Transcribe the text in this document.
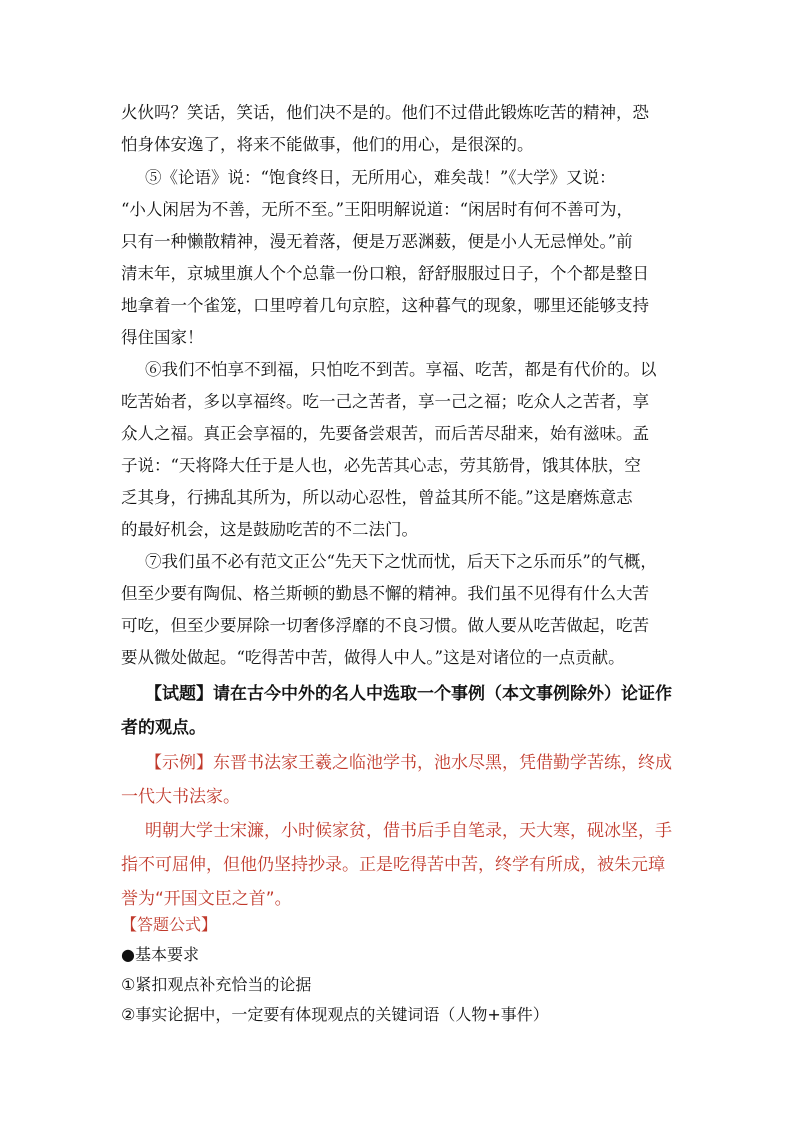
火伙吗？笑话，笑话，他们决不是的。他们不过借此锻炼吃苦的精神，恐
怕身体安逸了，将来不能做事，他们的用心，是很深的。
⑤《论语》说：“饱食终日，无所用心，难矣哉！”《大学》又说：
“小人闲居为不善，无所不至。”王阳明解说道：“闲居时有何不善可为，
只有一种懒散精神，漫无着落，便是万恶渊薮，便是小人无忌惮处。”前
清末年，京城里旗人个个总靠一份口粮，舒舒服服过日子，个个都是整日
地拿着一个雀笼，口里哼着几句京腔，这种暮气的现象，哪里还能够支持
得住国家！
⑥我们不怕享不到福，只怕吃不到苦。享福、吃苦，都是有代价的。以
吃苦始者，多以享福终。吃一己之苦者，享一己之福；吃众人之苦者，享
众人之福。真正会享福的，先要备尝艰苦，而后苦尽甜来，始有滋味。孟
子说：“天将降大任于是人也，必先苦其心志，劳其筋骨，饿其体肤，空
乏其身，行拂乱其所为，所以动心忍性，曾益其所不能。”这是磨炼意志
的最好机会，这是鼓励吃苦的不二法门。
⑦我们虽不必有范文正公“先天下之忧而忧，后天下之乐而乐”的气概，
但至少要有陶侃、格兰斯顿的勤恳不懈的精神。我们虽不见得有什么大苦
可吃，但至少要屏除一切奢侈浮靡的不良习惯。做人要从吃苦做起，吃苦
要从微处做起。“吃得苦中苦，做得人中人。”这是对诸位的一点贡献。
【试题】请在古今中外的名人中选取一个事例（本文事例除外）论证作
者的观点。
【示例】东晋书法家王羲之临池学书，池水尽黑，凭借勤学苦练，终成
一代大书法家。
明朝大学士宋濂，小时候家贫，借书后手自笔录，天大寒，砚冰坚，手
指不可屈伸，但他仍坚持抄录。正是吃得苦中苦，终学有所成，被朱元璋
誉为“开国文臣之首”。
【答题公式】
●基本要求
①紧扣观点补充恰当的论据
②事实论据中，一定要有体现观点的关键词语（人物+事件）
